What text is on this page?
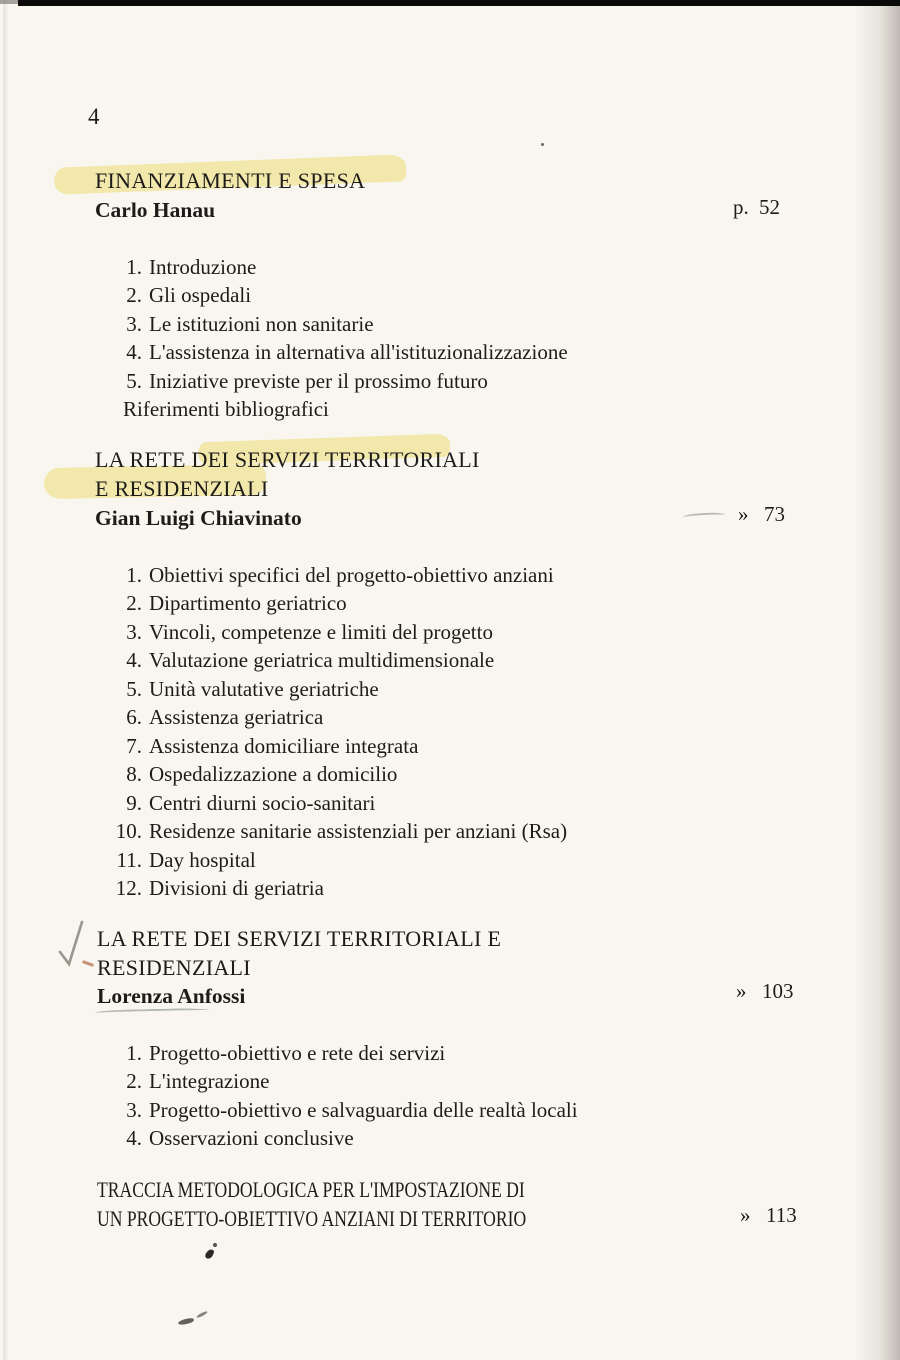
4
FINANZIAMENTI E SPESA
Carlo Hanau	p. 52
1. Introduzione
2. Gli ospedali
3. Le istituzioni non sanitarie
4. L'assistenza in alternativa all'istituzionalizzazione
5. Iniziative previste per il prossimo futuro
Riferimenti bibliografici
LA RETE DEI SERVIZI TERRITORIALI
E RESIDENZIALI
Gian Luigi Chiavinato	» 73
1. Obiettivi specifici del progetto-obiettivo anziani
2. Dipartimento geriatrico
3. Vincoli, competenze e limiti del progetto
4. Valutazione geriatrica multidimensionale
5. Unità valutative geriatriche
6. Assistenza geriatrica
7. Assistenza domiciliare integrata
8. Ospedalizzazione a domicilio
9. Centri diurni socio-sanitari
10. Residenze sanitarie assistenziali per anziani (Rsa)
11. Day hospital
12. Divisioni di geriatria
LA RETE DEI SERVIZI TERRITORIALI E
RESIDENZIALI
Lorenza Anfossi	» 103
1. Progetto-obiettivo e rete dei servizi
2. L'integrazione
3. Progetto-obiettivo e salvaguardia delle realtà locali
4. Osservazioni conclusive
TRACCIA METODOLOGICA PER L'IMPOSTAZIONE DI
UN PROGETTO-OBIETTIVO ANZIANI DI TERRITORIO	» 113
